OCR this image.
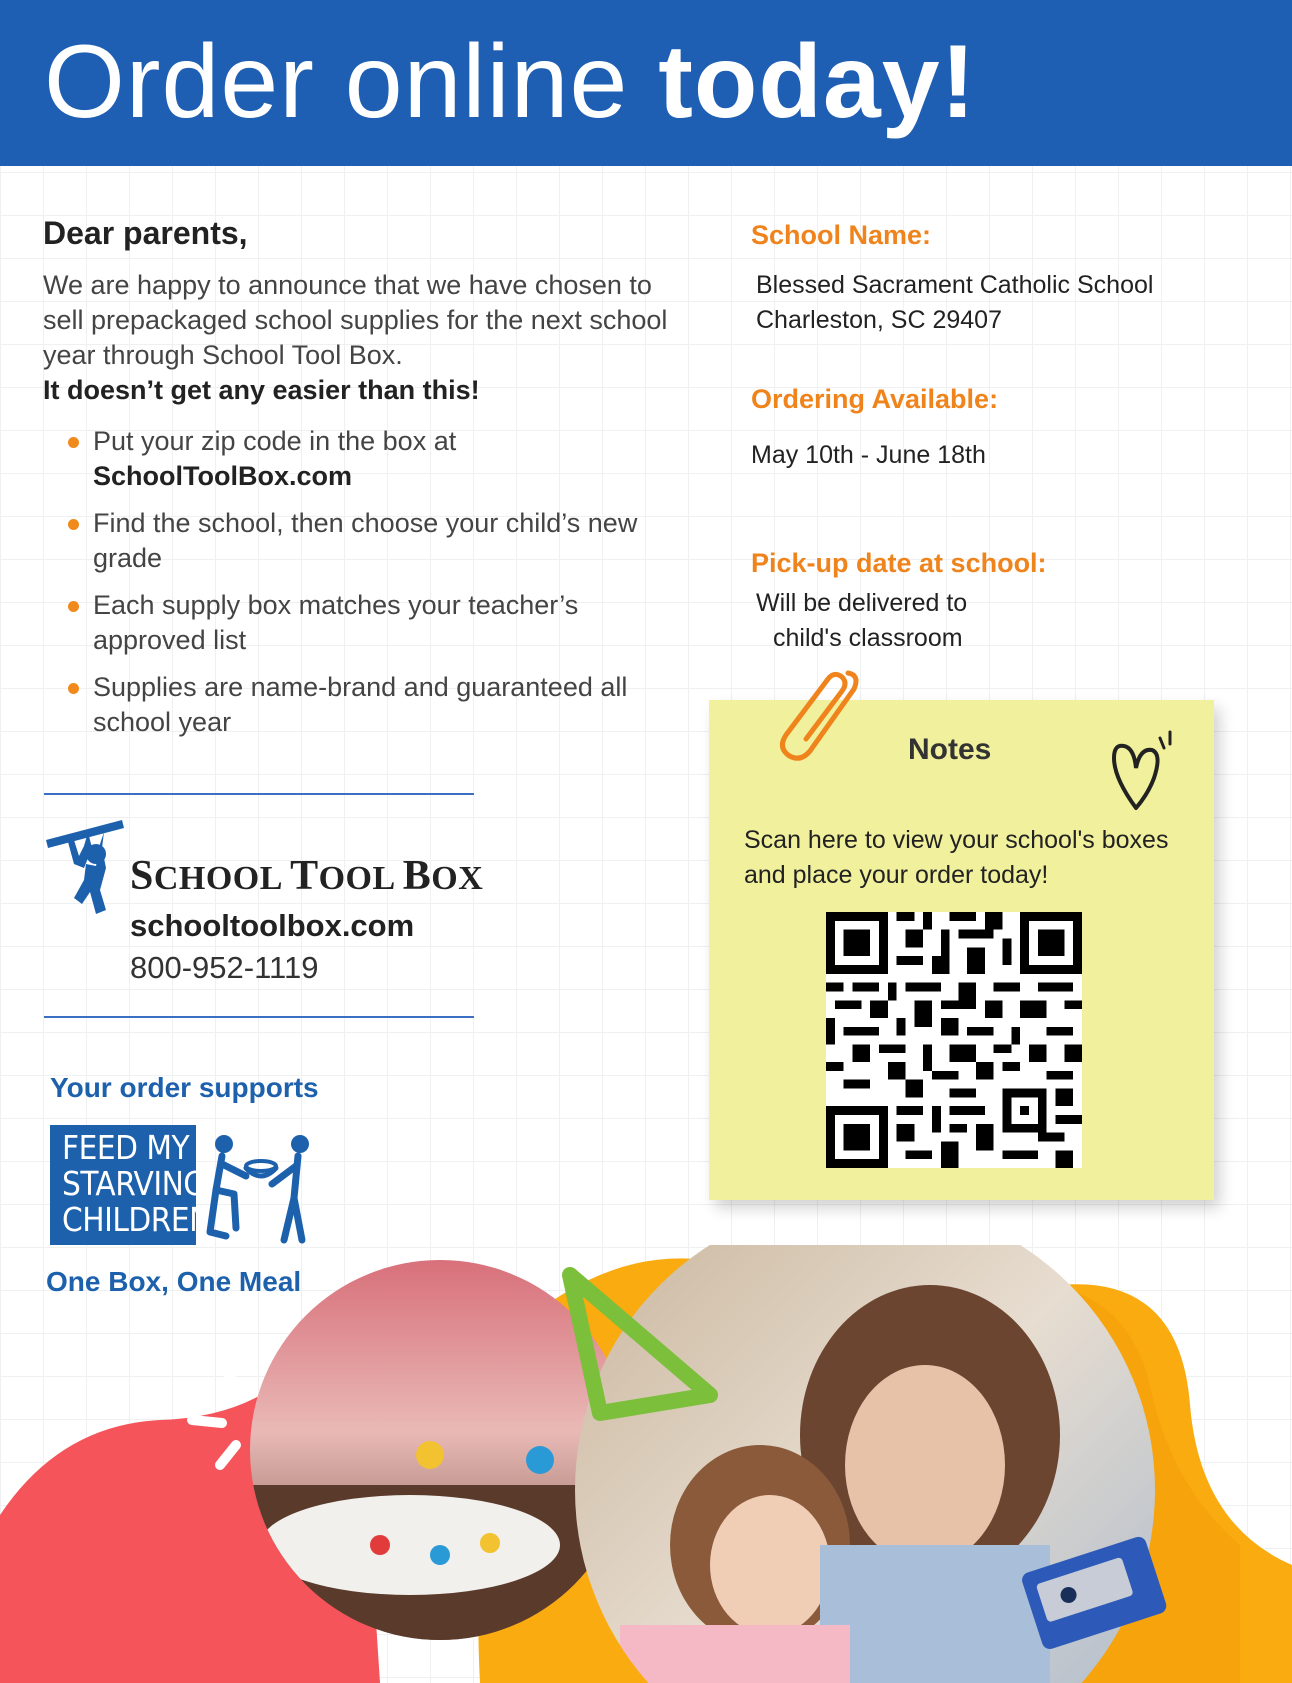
Order online today!
Dear parents,
We are happy to announce that we have chosen to sell prepackaged school supplies for the next school year through School Tool Box.
It doesn’t get any easier than this!
Put your zip code in the box at
SchoolToolBox.com
Find the school, then choose your child’s new grade
Each supply box matches your teacher’s approved list
Supplies are name-brand and guaranteed all school year
SCHOOL TOOL BOX
schooltoolbox.com
800-952-1119
Your order supports
FEED MY
STARVING
CHILDREN
One Box, One Meal
School Name:
Blessed Sacrament Catholic School
Charleston, SC 29407
Ordering Available:
May 10th - June 18th
Pick-up date at school:
Will be delivered to
child's classroom
Notes
Scan here to view your school's boxes and place your order today!
